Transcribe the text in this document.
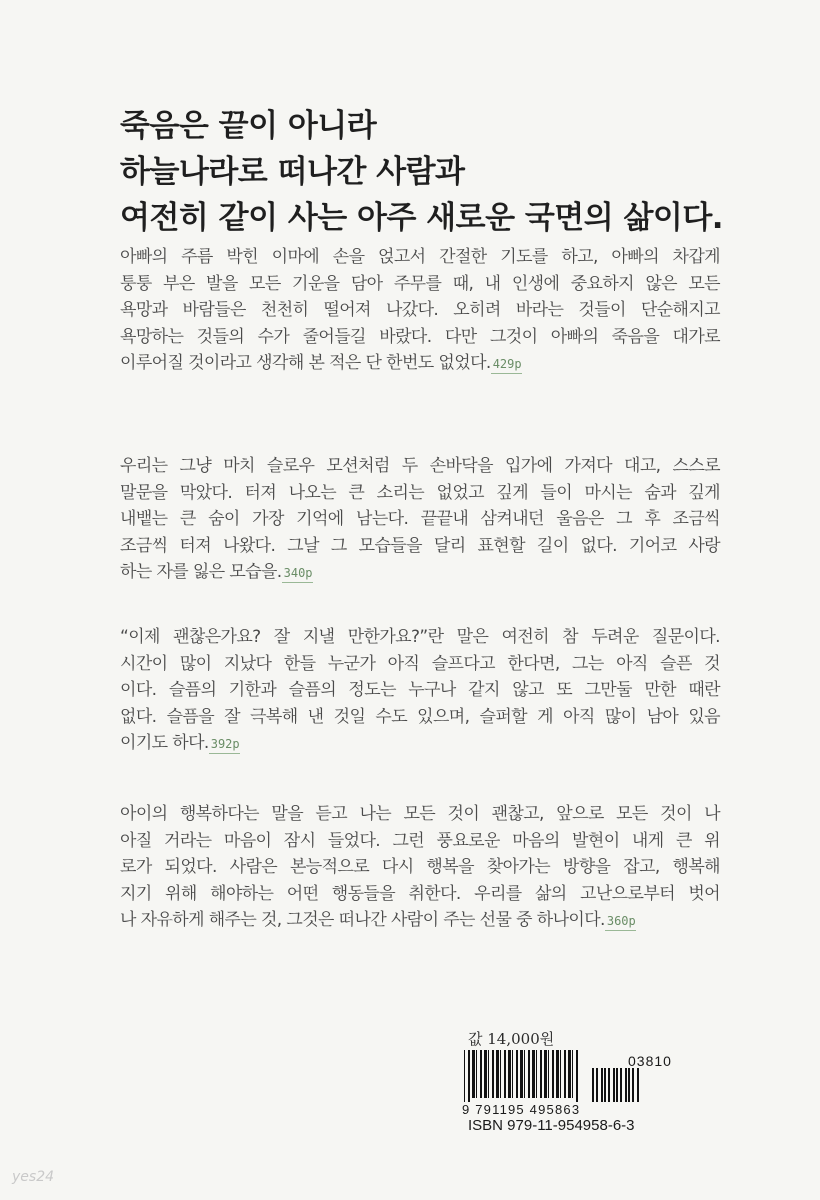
죽음은 끝이 아니라
하늘나라로 떠나간 사람과
여전히 같이 사는 아주 새로운 국면의 삶이다.
아빠의 주름 박힌 이마에 손을 얹고서 간절한 기도를 하고, 아빠의 차갑게
퉁퉁 부은 발을 모든 기운을 담아 주무를 때, 내 인생에 중요하지 않은 모든
욕망과 바람들은 천천히 떨어져 나갔다. 오히려 바라는 것들이 단순해지고
욕망하는 것들의 수가 줄어들길 바랐다. 다만 그것이 아빠의 죽음을 대가로
이루어질 것이라고 생각해 본 적은 단 한번도 없었다. 429p
우리는 그냥 마치 슬로우 모션처럼 두 손바닥을 입가에 가져다 대고, 스스로
말문을 막았다. 터져 나오는 큰 소리는 없었고 깊게 들이 마시는 숨과 깊게
내뱉는 큰 숨이 가장 기억에 남는다. 끝끝내 삼켜내던 울음은 그 후 조금씩
조금씩 터져 나왔다. 그날 그 모습들을 달리 표현할 길이 없다. 기어코 사랑
하는 자를 잃은 모습을. 340p
“이제 괜찮은가요? 잘 지낼 만한가요?”란 말은 여전히 참 두려운 질문이다.
시간이 많이 지났다 한들 누군가 아직 슬프다고 한다면, 그는 아직 슬픈 것
이다. 슬픔의 기한과 슬픔의 정도는 누구나 같지 않고 또 그만둘 만한 때란
없다. 슬픔을 잘 극복해 낸 것일 수도 있으며, 슬퍼할 게 아직 많이 남아 있음
이기도 하다. 392p
아이의 행복하다는 말을 듣고 나는 모든 것이 괜찮고, 앞으로 모든 것이 나
아질 거라는 마음이 잠시 들었다. 그런 풍요로운 마음의 발현이 내게 큰 위
로가 되었다. 사람은 본능적으로 다시 행복을 찾아가는 방향을 잡고, 행복해
지기 위해 해야하는 어떤 행동들을 취한다. 우리를 삶의 고난으로부터 벗어
나 자유하게 해주는 것, 그것은 떠나간 사람이 주는 선물 중 하나이다. 360p
값 14,000원
03810
9 791195 495863
ISBN 979-11-954958-6-3
yes24
